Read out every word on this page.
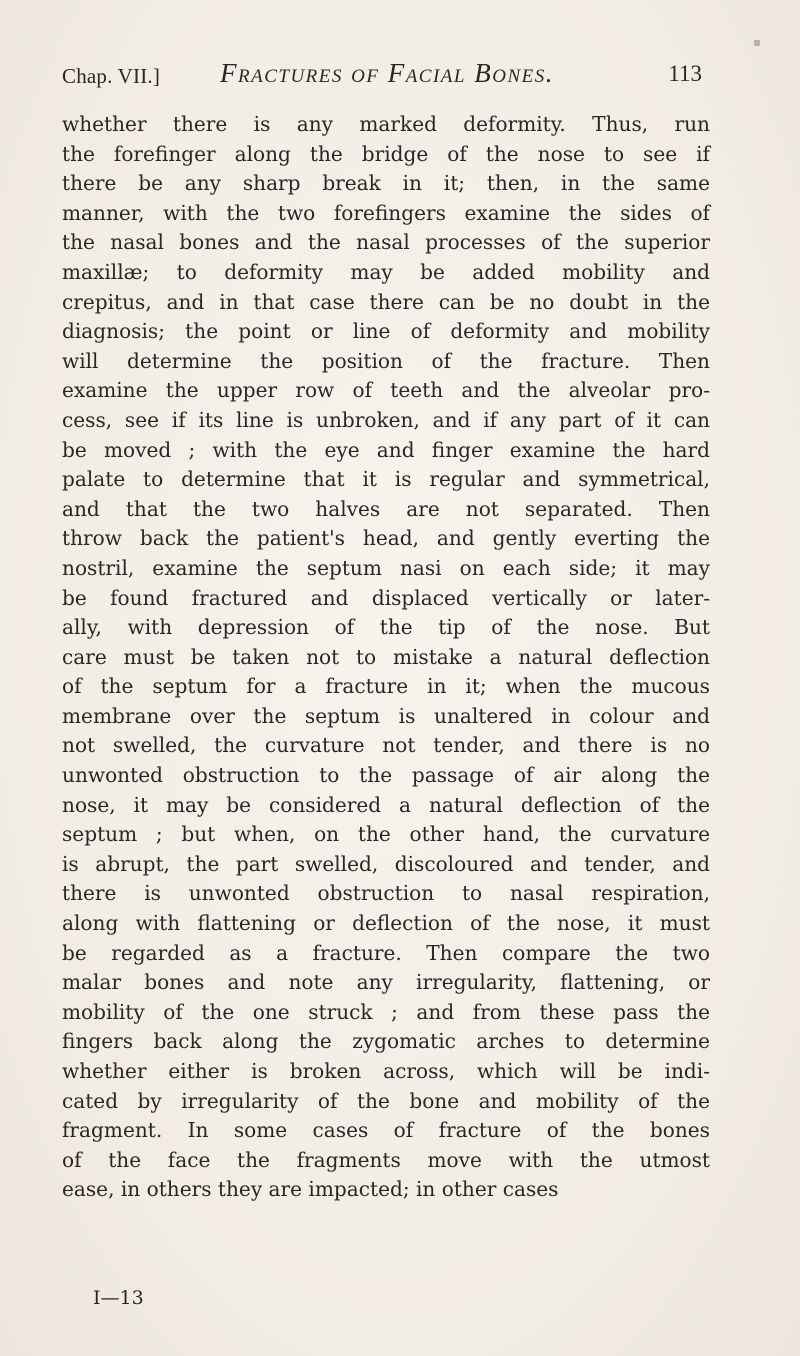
Chap. VII.] Fractures of Facial Bones.	113
whether there is any marked deformity. Thus, run
the forefinger along the bridge of the nose to see if
there be any sharp break in it; then, in the same
manner, with the two forefingers examine the sides of
the nasal bones and the nasal processes of the superior
maxillæ; to deformity may be added mobility and
crepitus, and in that case there can be no doubt in the
diagnosis; the point or line of deformity and mobility
will determine the position of the fracture. Then
examine the upper row of teeth and the alveolar pro-
cess, see if its line is unbroken, and if any part of it can
be moved ; with the eye and finger examine the hard
palate to determine that it is regular and symmetrical,
and that the two halves are not separated. Then
throw back the patient's head, and gently everting the
nostril, examine the septum nasi on each side; it may
be found fractured and displaced vertically or later-
ally, with depression of the tip of the nose. But
care must be taken not to mistake a natural deflection
of the septum for a fracture in it; when the mucous
membrane over the septum is unaltered in colour and
not swelled, the curvature not tender, and there is no
unwonted obstruction to the passage of air along the
nose, it may be considered a natural deflection of the
septum ; but when, on the other hand, the curvature
is abrupt, the part swelled, discoloured and tender, and
there is unwonted obstruction to nasal respiration,
along with flattening or deflection of the nose, it must
be regarded as a fracture. Then compare the two
malar bones and note any irregularity, flattening, or
mobility of the one struck ; and from these pass the
fingers back along the zygomatic arches to determine
whether either is broken across, which will be indi-
cated by irregularity of the bone and mobility of the
fragment. In some cases of fracture of the bones
of the face the fragments move with the utmost
ease, in others they are impacted; in other cases
I—13
